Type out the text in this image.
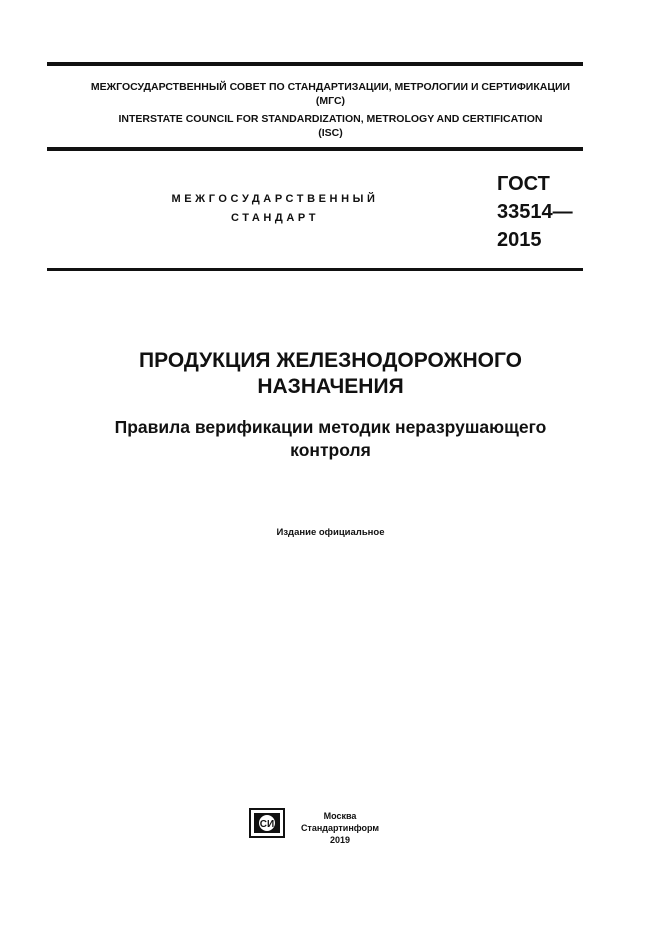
МЕЖГОСУДАРСТВЕННЫЙ СОВЕТ ПО СТАНДАРТИЗАЦИИ, МЕТРОЛОГИИ И СЕРТИФИКАЦИИ
(МГС)
INTERSTATE COUNCIL FOR STANDARDIZATION, METROLOGY AND CERTIFICATION
(ISC)
МЕЖГОСУДАРСТВЕННЫЙ
СТАНДАРТ
ГОСТ
33514—
2015
ПРОДУКЦИЯ ЖЕЛЕЗНОДОРОЖНОГО
НАЗНАЧЕНИЯ
Правила верификации методик неразрушающего
контроля
Издание официальное
СИ
Москва
Стандартинформ
2019
